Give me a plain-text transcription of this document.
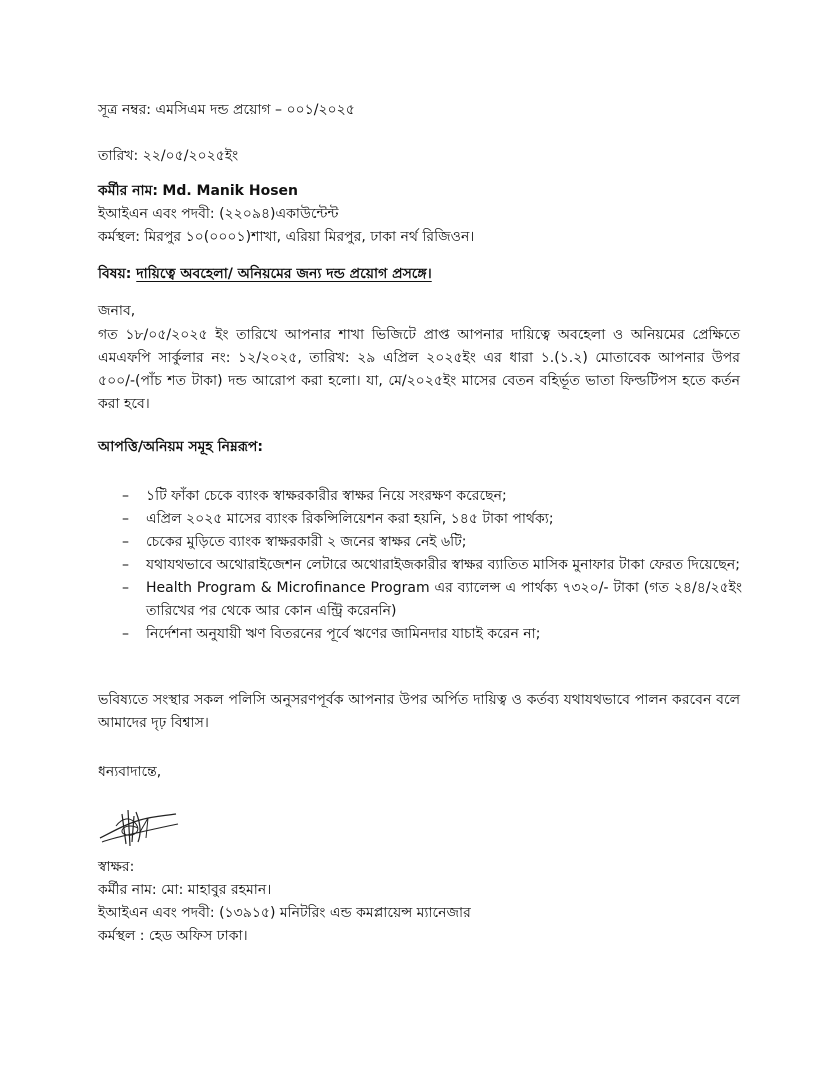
সূত্র নম্বর: এমসিএম দন্ড প্রয়োগ – ০০১/২০২৫
তারিখ: ২২/০৫/২০২৫ইং
কর্মীর নাম: Md. Manik Hosen
ইআইএন এবং পদবী: (২২০৯৪)একাউন্টেন্ট
কর্মস্থল: মিরপুর ১০(০০০১)শাখা, এরিয়া মিরপুর, ঢাকা নর্থ রিজিওন।
বিষয়: দায়িত্বে অবহেলা/ অনিয়মের জন্য দন্ড প্রয়োগ প্রসঙ্গে।
জনাব,
গত ১৮/০৫/২০২৫ ইং তারিখে আপনার শাখা ভিজিটে প্রাপ্ত আপনার দায়িত্বে অবহেলা ও অনিয়মের প্রেক্ষিতে এমএফপি সার্কুলার নং: ১২/২০২৫, তারিখ: ২৯ এপ্রিল ২০২৫ইং এর ধারা ১.(১.২) মোতাবেক আপনার উপর ৫০০/-(পাঁচ শত টাকা) দন্ড আরোপ করা হলো। যা, মে/২০২৫ইং মাসের বেতন বহির্ভূত ভাতা ফিল্ডটিপস হতে কর্তন করা হবে।
আপত্তি/অনিয়ম সমূহ নিম্নরূপ:
– ১টি ফাঁকা চেকে ব্যাংক স্বাক্ষরকারীর স্বাক্ষর নিয়ে সংরক্ষণ করেছেন;
– এপ্রিল ২০২৫ মাসের ব্যাংক রিকন্সিলিয়েশন করা হয়নি, ১৪৫ টাকা পার্থক্য;
– চেকের মুড়িতে ব্যাংক স্বাক্ষরকারী ২ জনের স্বাক্ষর নেই ৬টি;
– যথাযথভাবে অথোরাইজেশন লেটারে অথোরাইজকারীর স্বাক্ষর ব্যাতিত মাসিক মুনাফার টাকা ফেরত দিয়েছেন;
– Health Program & Microfinance Program এর ব্যালেন্স এ পার্থক্য ৭৩২০/- টাকা (গত ২৪/৪/২৫ইং তারিখের পর থেকে আর কোন এন্ট্রি করেননি)
– নির্দেশনা অনুযায়ী ঋণ বিতরনের পূর্বে ঋণের জামিনদার যাচাই করেন না;
ভবিষ্যতে সংস্থার সকল পলিসি অনুসরণপূর্বক আপনার উপর অর্পিত দায়িত্ব ও কর্তব্য যথাযথভাবে পালন করবেন বলে আমাদের দৃঢ় বিশ্বাস।
ধন্যবাদান্তে,
স্বাক্ষর:
কর্মীর নাম: মো: মাহাবুর রহমান।
ইআইএন এবং পদবী: (১৩৯১৫) মনিটরিং এন্ড কমপ্লায়েন্স ম্যানেজার
কর্মস্থল : হেড অফিস ঢাকা।
